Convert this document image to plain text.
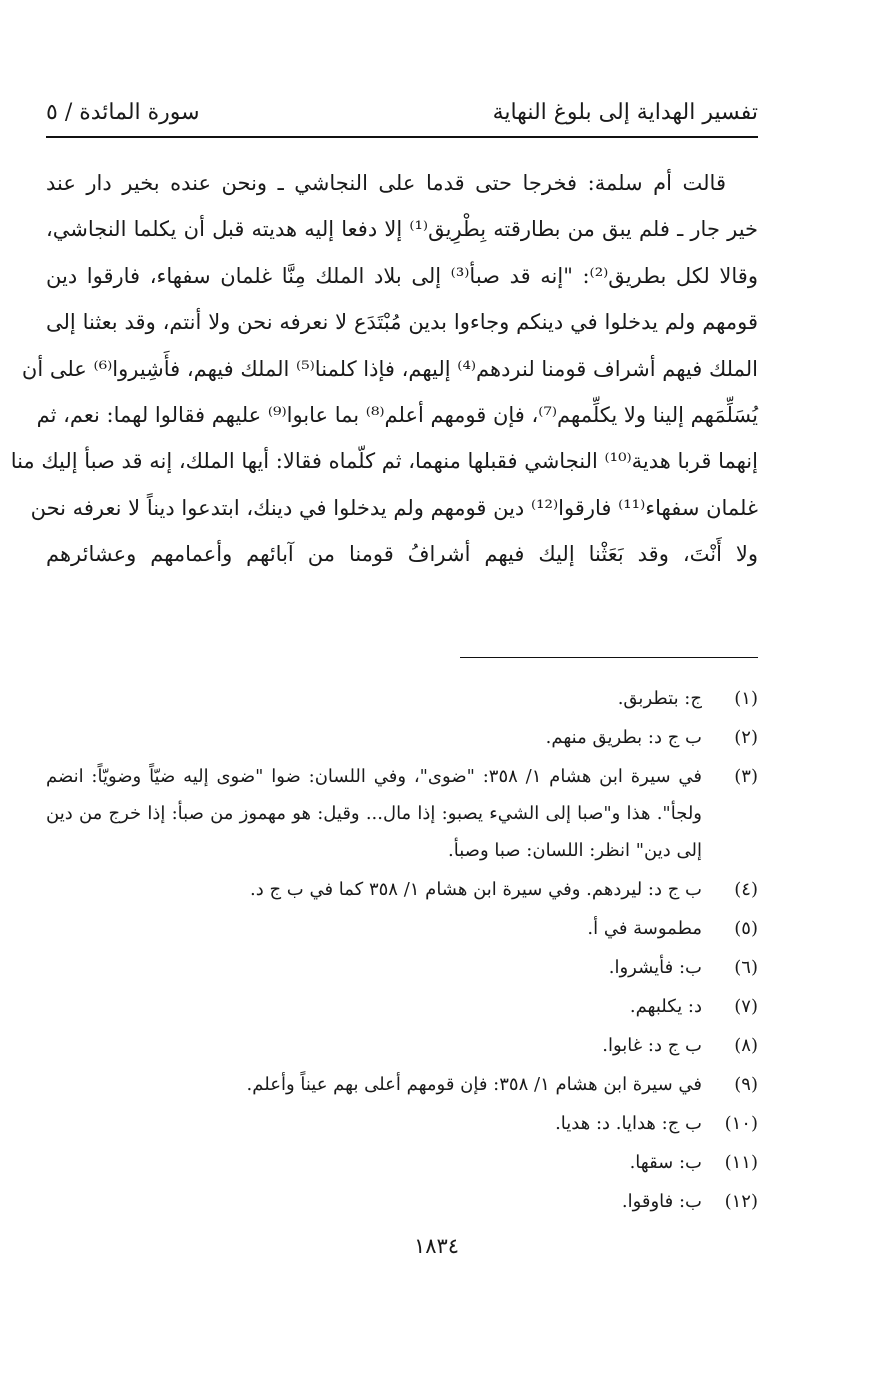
تفسير الهداية إلى بلوغ النهاية
سورة المائدة / ٥
قالت أم سلمة: فخرجا حتى قدما على النجاشي ـ ونحن عنده بخير دار عند
خير جار ـ فلم يبق من بطارقته بِطْرِيق⁽¹⁾ إلا دفعا إليه هديته قبل أن يكلما النجاشي،
وقالا لكل بطريق⁽²⁾: "إنه قد صبأ⁽³⁾ إلى بلاد الملك مِنَّا غلمان سفهاء، فارقوا دين
قومهم ولم يدخلوا في دينكم وجاءوا بدين مُبْتَدَع لا نعرفه نحن ولا أنتم، وقد بعثنا إلى
الملك فيهم أشراف قومنا لنردهم⁽⁴⁾ إليهم، فإذا كلمنا⁽⁵⁾ الملك فيهم، فأَشِيروا⁽⁶⁾ على أن
يُسَلِّمَهم إلينا ولا يكلِّمهم⁽⁷⁾، فإن قومهم أعلم⁽⁸⁾ بما عابوا⁽⁹⁾ عليهم فقالوا لهما: نعم، ثم
إنهما قربا هدية⁽¹⁰⁾ النجاشي فقبلها منهما، ثم كلّماه فقالا: أيها الملك، إنه قد صبأ إليك منا
غلمان سفهاء⁽¹¹⁾ فارقوا⁽¹²⁾ دين قومهم ولم يدخلوا في دينك، ابتدعوا ديناً لا نعرفه نحن
ولا أَنْتَ، وقد بَعَثْنا إليك فيهم أشرافُ قومنا من آبائهم وأعمامهم وعشائرهم
(١)
ج: بتطربق.
(٢)
ب ج د: بطريق منهم.
(٣)
في سيرة ابن هشام ١/ ٣٥٨: "ضوى"، وفي اللسان: ضوا "ضوى إليه ضيّاً وضويّاً: انضم
ولجأ". هذا و"صبا إلى الشيء يصبو: إذا مال... وقيل: هو مهموز من صبأ: إذا خرج من دين
إلى دين" انظر: اللسان: صبا وصبأ.
(٤)
ب ج د: ليردهم. وفي سيرة ابن هشام ١/ ٣٥٨ كما في ب ج د.
(٥)
مطموسة في أ.
(٦)
ب: فأيشروا.
(٧)
د: يكلبهم.
(٨)
ب ج د: غابوا.
(٩)
في سيرة ابن هشام ١/ ٣٥٨: فإن قومهم أعلى بهم عيناً وأعلم.
(١٠)
ب ج: هدايا. د: هديا.
(١١)
ب: سقها.
(١٢)
ب: فاوقوا.
١٨٣٤
